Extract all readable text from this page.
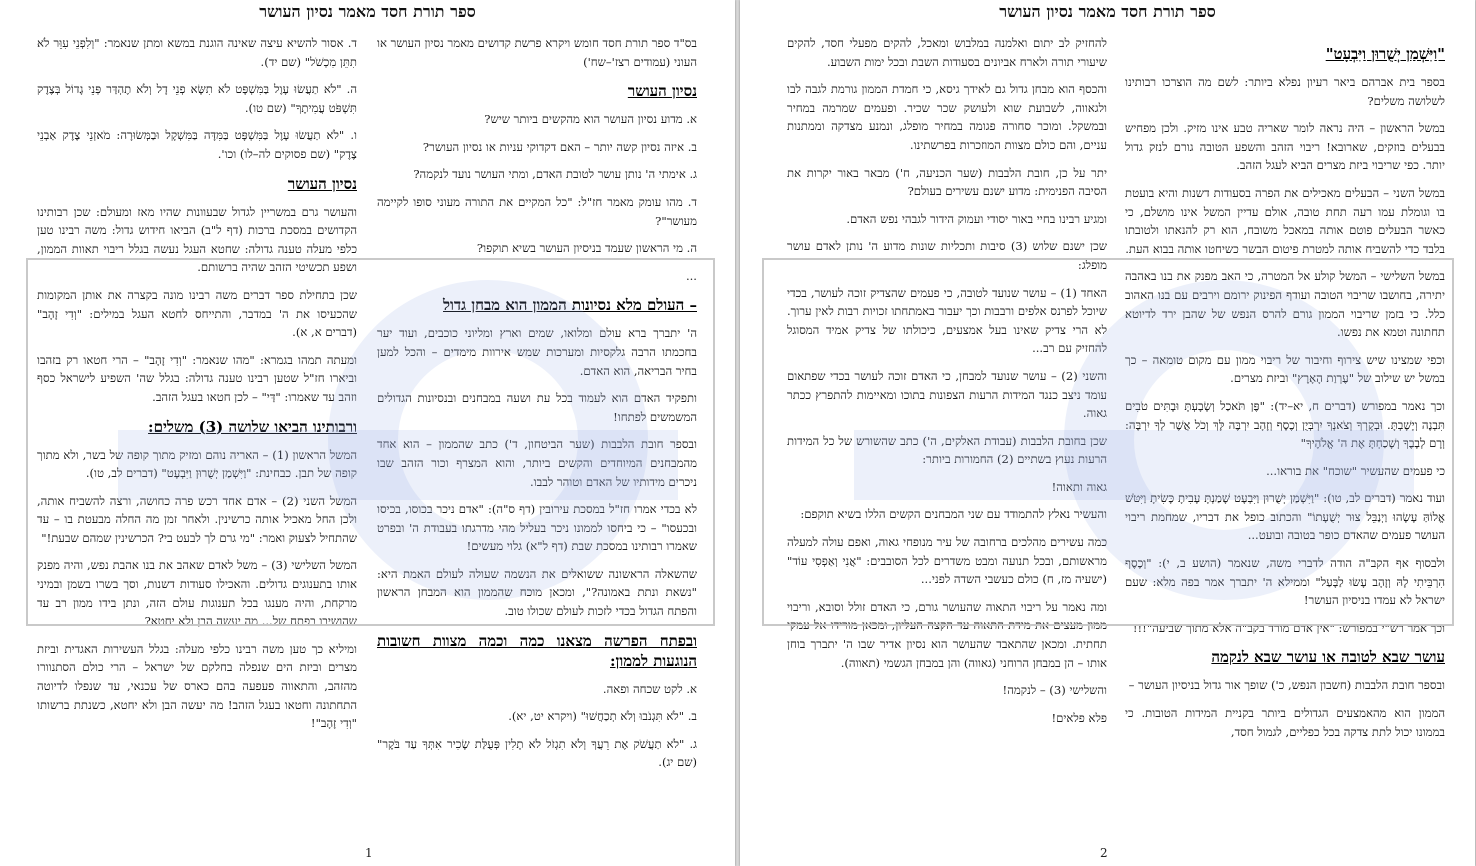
ספר תורת חסד מאמר נסיון העושר

בס"ד ספר תורת חסד חומש ויקרא פרשת קדושים מאמר נסיון העושר או העוני (עמודים רצז'–שח')

נסיון העושר

א. מדוע נסיון העושר הוא מהקשים ביותר שיש?

ב. איזה נסיון קשה יותר – האם דקדוקי עניות או נסיון העושר?

ג. אימתי ה' נותן עושר לטובת האדם, ומתי העושר נועד לנקמה?

ד. מהו עומק מאמר חז"ל: "כל המקיים את התורה מעוני סופו לקיימה מעושר"?

ה. מי הראשון שעמד בניסיון העושר בשיא תוקפו?

...

– העולם מלא נסיונות הממון הוא מבחן גדול

ה' יתברך ברא עולם ומלואו, שמים וארץ ומליוני כוכבים, ועוד יער בחכמתו הרבה גלקסיות ומערכות שמש אירוות מימדים – והכל למען בחיר הבריאה, הוא האדם.

ותפקיד האדם הוא לעמוד בכל עת ושעה במבחנים ובנסיונות הגדולים המשמשים לפתחו!

ובספר חובת הלבבות (שער הביטחון, ד') כתב שהממון – הוא אחד מהמבחנים המיוחדים והקשים ביותר, והוא המצרף וכור הזהב שבו ניכרים מידותיו של האדם וטוהר לבבו.

לא בכדי אמרו חז"ל במסכת עירובין (דף ס"ה): "אדם ניכר בכוסו, בכיסו ובכעסו" – כי ביחסו לממונו ניכר בעליל מהי מדרגתו בעבודת ה' ובפרט שאמרו רבותינו במסכת שבת (דף ל"א) גלוי מעשים!

שהשאלה הראשונה ששואלים את הנשמה שעולה לעולם האמת היא: "נשאת ונתת באמונה?", ומכאן מוכח שהממון הוא המבחן הראשון והפתח הגדול בכדי לזכות לעולם שכולו טוב.

ובפתח הפרשה מצאנו כמה וכמה מצוות חשובות הנוגעות לממון:

א. לקט שכחה ופאה.

ב. "לֹא תִּגְנֹבוּ וְלֹא תְכַחֲשׁוּ" (ויקרא יט, יא).

ג. "לֹא תַעֲשֹׁק אֶת רֵעֲךָ וְלֹא תִגְזֹל לֹא תָלִין פְּעֻלַּת שָׂכִיר אִתְּךָ עַד בֹּקֶר" (שם יג).

ד. אסור להשיא עיצה שאינה הוגנת במשא ומתן שנאמר: "וְלִפְנֵי עִוֵּר לֹא תִתֵּן מִכְשֹׁל" (שם יד).

ה. "לֹא תַעֲשׂוּ עָוֶל בַּמִּשְׁפָּט לֹא תִשָּׂא פְנֵי דָל וְלֹא תֶהְדַּר פְּנֵי גָדוֹל בְּצֶדֶק תִּשְׁפֹּט עֲמִיתֶךָ" (שם טו).

ו. "לֹא תַעֲשׂוּ עָוֶל בַּמִּשְׁפָּט בַּמִּדָּה בַּמִּשְׁקָל וּבַמְּשׂוּרָה: מֹאזְנֵי צֶדֶק אַבְנֵי צֶדֶק" (שם פסוקים לה–לו) וכו'.

נסיון העושר

והעושר גרם במשריין לגדול שבעוונות שהיו מאז ומעולם: שכן רבותינו הקדושים במסכת ברכות (דף ל"ב) הביאו חידוש גדול: משה רבינו טען כלפי מעלה טענה גדולה: שחטא העגל נעשה בגלל ריבוי תאוות הממון, ושפע תכשיטי הזהב שהיה ברשותם.

שכן בתחילת ספר דברים משה רבינו מונה בקצרה את אותן המקומות שהכעיסו את ה' במדבר, והתייחס לחטא העגל במילים: "וְדִי זָהָב" (דברים א, א).

ומעתה תמהו בגמרא: "מהו שנאמר: "וְדִי זָהָב" – הרי חטאו רק בזהבו וביארו חז"ל שטען רבינו טענה גדולה: בגלל שה' השפיע לישראל כסף וזהב עד שאמרו: "דַּי" – לכן חטאו בעגל הזהב.

ורבותינו הביאו שלושה (3) משלים:

המשל הראשון (1) – האריה נוהם ומזיק מתוך קופה של בשר, ולא מתוך קופה של תבן. כבחינת: "וַיִּשְׁמַן יְשֻׁרוּן וַיִּבְעָט" (דברים לב, טו).

המשל השני (2) – אדם אחד רכש פרה כחושה, ורצה להשביח אותה, ולכן החל מאכיל אותה כרשינין. ולאחר זמן מה החלה מבעטת בו – עד שהתחיל לצעוק ואמר: "מי גרם לך לבעט בי? הכרשינין שמהם שבעת!"

המשל השלישי (3) – משל לאדם שאהב את בנו אהבת נפש, והיה מפנק אותו בתענוגים גדולים. והאכילו סעודות דשנות, וסך בשרו בשמן ובמיני מרקחת, והיה מענגו בכל תענוגות עולם הזה, ונתן בידו ממון רב עד שהושיבו בפתח של... מה יעשה הבן ולא יחטא?

ומיליא כך טען משה רבינו כלפי מעלה: בגלל העשירות האגדית וביזת מצרים וביזת הים שנפלה בחלקם של ישראל – הרי כולם הסתנוורו מהזהב, והתאווה פעפעה בהם כארס של עכנאי, עד שנפלו לדיוטה התחתונה וחטאו בעגל הזהב! מה יעשה הבן ולא יחטא, כשנתת ברשותו "וְדִי זָהָב"!

1
ספר תורת חסד מאמר נסיון העושר
"וַיִּשְׁמַן יְשֻׁרוּן וַיִּבְעָט"

בספר בית אברהם ביאר רעיון נפלא ביותר: לשם מה הוצרכו רבותינו לשלושה משלים?

במשל הראשון – היה נראה לומר שאריה טבע אינו מזיק. ולכן מפחיש בבעלים בוזקים, שארובא! ריבוי הזהב והשפע הטובה גורם לנזק גדול יותר. כפי שריבוי ביזת מצרים הביא לעגל הזהב.

במשל השני – הבעלים מאכילים את הפרה בסעודות דשנות והיא בועטת בו וגומלת עמו רעה תחת טובה, אולם עדיין המשל אינו מושלם, כי כאשר הבעלים פוטם אותה במאכל משובח, הוא רק להנאתו ולטובתו בלבד כדי להשביח אותה למטרת פיטום הבשר כשיחטו אותה בבוא העת.

במשל השלישי – המשל קולע אל המטרה, כי האב מפנק את בנו באהבה יתירה, בחושבו שריבוי הטובה ועודף הפינוק ירומם וירבים עם בנו האהוב כלל. כי בזמן שריבוי הממון גורם להרס הנפש של שהבן ירד לדיוטא תחתונה וטמא את נפשו.

וכפי שמצינו שיש צירוף וחיבור של ריבוי ממון עם מקום טומאה – כך במשל יש שילוב של "עֶרְוַת הָאָרֶץ" וביזת מצרים.

וכך נאמר במפורש (דברים ח, יא–יד): "פֶּן תֹּאכַל וְשָׂבָעְתָּ וּבָתִּים טֹבִים תִּבְנֶה וְיָשָׁבְתָּ. וּבְקָרְךָ וְצֹאנְךָ יִרְבְּיֻן וְכֶסֶף וְזָהָב יִרְבֶּה לָּךְ וְכֹל אֲשֶׁר לְךָ יִרְבֶּה: וְרָם לְבָבֶךָ וְשָׁכַחְתָּ אֶת ה' אֱלֹהֶיךָ"

כי פעמים שהעשיר "שוכח" את בוראו...

ועוד נאמר (דברים לב, טו): "וַיִּשְׁמַן יְשֻׁרוּן וַיִּבְעָט שָׁמַנְתָּ עָבִיתָ כָּשִׂיתָ וַיִּטֹּשׁ אֱלוֹהַּ עָשָׂהוּ וַיְנַבֵּל צוּר יְשֻׁעָתוֹ" והכתוב כופל את דבריו, שמחמת ריבוי העושר פעמים שהאדם כופר בטובה ובועט...

ולבסוף אף הקב"ה הודה לדברי משה, שנאמר (הושע ב, י): "וְכֶסֶף הִרְבֵּיתִי לָהּ וְזָהָב עָשׂוּ לַבָּעַל" וממילא ה' יתברך אמר בפה מלא: שעם ישראל לא עמדו בניסיון העושר!

וכך אמר רש"י במפורש: "אין אדם מורד בקב"ה אלא מתוך שביעה"!!!

עושר שבא לטובה או עושר שבא לנקמה

ובספר חובת הלבבות (חשבון הנפש, כ') שופך אור גדול בניסיון העושר –

הממון הוא מהאמצעים הגדולים ביותר בקניית המידות הטובות. כי בממונו יכול לתת צדקה בכל כפליים, לגמול חסד,

להחזיק לב יתום ואלמנה במלבוש ומאכל, להקים מפעלי חסד, להקים שיעורי תורה ולארח אביונים בסעודות השבת ובכל ימות השבוע.

והכסף הוא מבחן גדול גם לאידך גיסא, כי חמדת הממון גורמת לגבה לבו ולגאווה, לשבועת שוא ולעושק שכר שכיר. ופעמים שמרמה במחיר ובמשקל. ומוכר סחורה פגומה במחיר מופלג, ונמנע מצדקה וממתנות עניים, והם כולם מצוות המוזכרות בפרשתינו.

יתר על כן, חובת הלבבות (שער הכניעה, ח') מבאר באור יקרות את הסיבה הפנימית: מדוע ישנם עשירים בעולם?

ומגיע רבינו בחיי באור יסודי ועמוק הידור לגבהי נפש האדם.

שכן ישנם שלוש (3) סיבות ותכליות שונות מדוע ה' נותן לאדם עושר מופלג:

האחד (1) – עושר שנועד לטובה, כי פעמים שהצדיק זוכה לעושר, בכדי שיוכל לפרנס אלפים ורבבות וכך יעבור באמתחתו זכויות רבות לאין ערוך. לא הרי צדיק שאינו בעל אמצעים, כיכולתו של צדיק אמיד המסוגל להחזיק עם רב...

והשני (2) – עושר שנועד למבחן, כי האדם זוכה לעושר בכדי שפתאום עומד ניצב כנגד המידות הרעות הצפונות בתוכו ומאיימות להתפרץ ככתר גאוה.

שכן בחובת הלבבות (עבודת האלקים, ה') כתב שהשורש של כל המידות הרעות נעוץ בשתיים (2) החמורות ביותר:

גאוה ותאוה!

והעשיר נאלץ להתמודד עם שני המבחנים הקשים הללו בשיא תוקפם:

כמה עשירים מהלכים ברחובה של עיר מנופחי גאוה, ואפם עולה למעלה מראשותם, ובכל תנועה ומבט משדרים לכל הסובבים: "אֲנִי וְאַפְסִי עוֹד" (ישעיה מז, ח) כולם כעשבי השדה לפני...

ומה נאמר על ריבוי התאוה שהעושר גורם, כי האדם זולל וסובא, וריבוי ממון מעצים את מידת התאוה עד הקצה העליון, ומכאן מורידו אל עמקי תחתית. ומכאן שהתאבד שהעושר הוא נסיון אדיר שבו ה' יתברך בוחן אותו – הן במבחן הרוחני (גאווה) והן במבחן הגשמי (תאווה).

והשלישי (3) – לנקמה!

פלא פלאים!

2
